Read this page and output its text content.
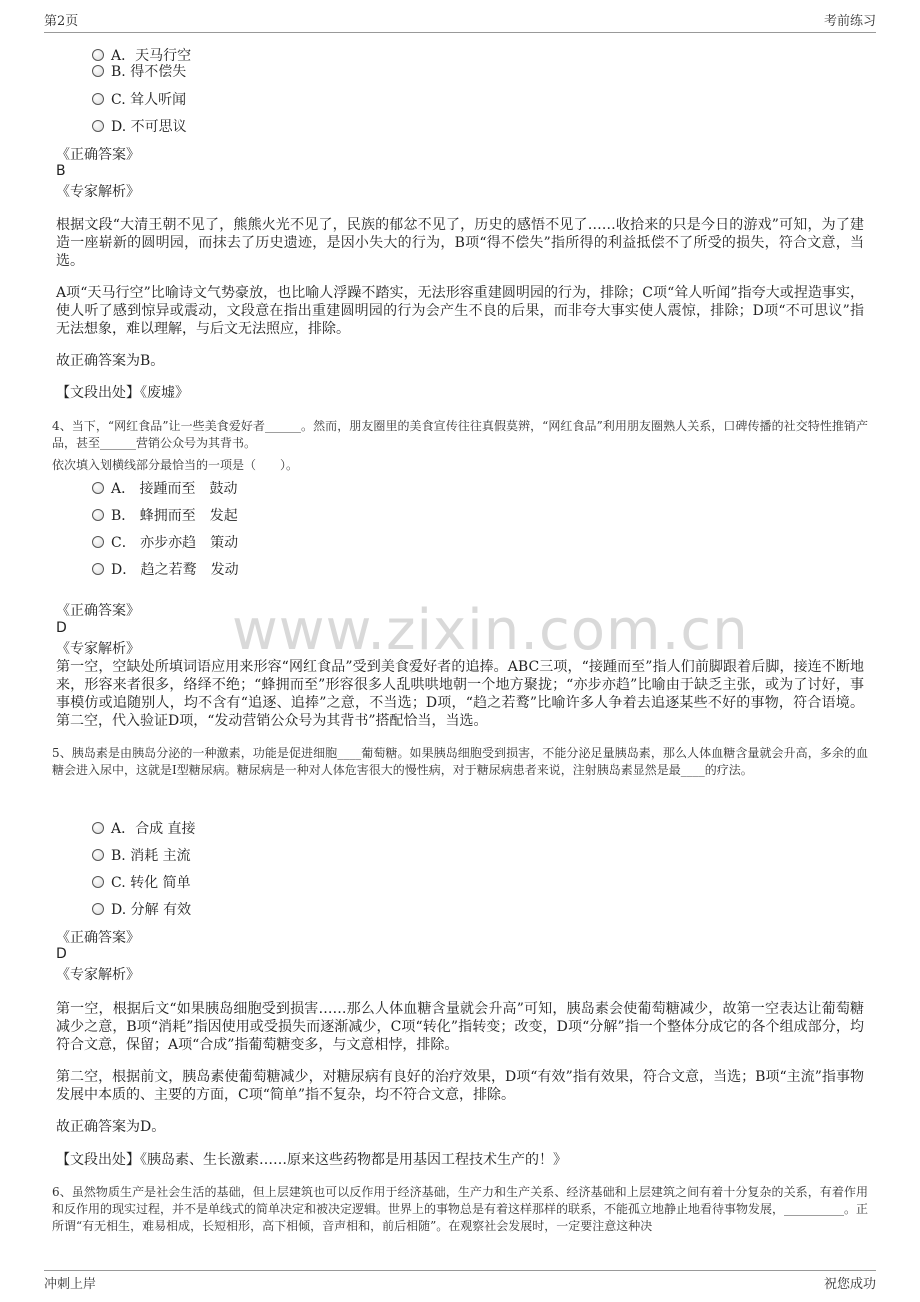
第2页	考前练习
www.zixin.com.cn
A．天马行空
B. 得不偿失
C. 耸人听闻
D. 不可思议
《正确答案》
B
《专家解析》
根据文段“大清王朝不见了，熊熊火光不见了，民族的郁忿不见了，历史的感悟不见了……收拾来的只是今日的游戏”可知，为了建造一座崭新的圆明园，而抹去了历史遗迹，是因小失大的行为，B项“得不偿失”指所得的利益抵偿不了所受的损失，符合文意，当选。
A项“天马行空”比喻诗文气势豪放，也比喻人浮躁不踏实，无法形容重建圆明园的行为，排除；C项“耸人听闻”指夸大或捏造事实，使人听了感到惊异或震动，文段意在指出重建圆明园的行为会产生不良的后果，而非夸大事实使人震惊，排除；D项“不可思议”指无法想象，难以理解，与后文无法照应，排除。
故正确答案为B。
【文段出处】《废墟》
4、当下，“网红食品”让一些美食爱好者______。然而，朋友圈里的美食宣传往往真假莫辨，“网红食品”利用朋友圈熟人关系，口碑传播的社交特性推销产品，甚至______营销公众号为其背书。
依次填入划横线部分最恰当的一项是（　　）。
A． 接踵而至　鼓动
B． 蜂拥而至　发起
C． 亦步亦趋　策动
D． 趋之若鹜　发动
《正确答案》
D
《专家解析》
第一空，空缺处所填词语应用来形容“网红食品”受到美食爱好者的追捧。ABC三项，“接踵而至”指人们前脚跟着后脚，接连不断地来，形容来者很多，络绎不绝；“蜂拥而至”形容很多人乱哄哄地朝一个地方聚拢；“亦步亦趋”比喻由于缺乏主张，或为了讨好，事事模仿或追随别人，均不含有“追逐、追捧”之意，不当选；D项，“趋之若鹜”比喻许多人争着去追逐某些不好的事物，符合语境。第二空，代入验证D项，“发动营销公众号为其背书”搭配恰当，当选。
5、胰岛素是由胰岛分泌的一种激素，功能是促进细胞____葡萄糖。如果胰岛细胞受到损害，不能分泌足量胰岛素，那么人体血糖含量就会升高，多余的血糖会进入尿中，这就是I型糖尿病。糖尿病是一种对人体危害很大的慢性病，对于糖尿病患者来说，注射胰岛素显然是最____的疗法。
A．合成 直接
B. 消耗 主流
C. 转化 简单
D. 分解 有效
《正确答案》
D
《专家解析》
第一空，根据后文“如果胰岛细胞受到损害……那么人体血糖含量就会升高”可知，胰岛素会使葡萄糖减少，故第一空表达让葡萄糖减少之意，B项“消耗”指因使用或受损失而逐渐减少，C项“转化”指转变；改变，D项“分解”指一个整体分成它的各个组成部分，均符合文意，保留；A项“合成”指葡萄糖变多，与文意相悖，排除。
第二空，根据前文，胰岛素使葡萄糖减少，对糖尿病有良好的治疗效果，D项“有效”指有效果，符合文意，当选；B项“主流”指事物发展中本质的、主要的方面，C项“简单”指不复杂，均不符合文意，排除。
故正确答案为D。
【文段出处】《胰岛素、生长激素……原来这些药物都是用基因工程技术生产的！》
6、虽然物质生产是社会生活的基础，但上层建筑也可以反作用于经济基础，生产力和生产关系、经济基础和上层建筑之间有着十分复杂的关系，有着作用和反作用的现实过程，并不是单线式的简单决定和被决定逻辑。世界上的事物总是有着这样那样的联系，不能孤立地静止地看待事物发展，__________。正所谓“有无相生，难易相成，长短相形，高下相倾，音声相和，前后相随”。在观察社会发展时，一定要注意这种决
冲刺上岸	祝您成功
